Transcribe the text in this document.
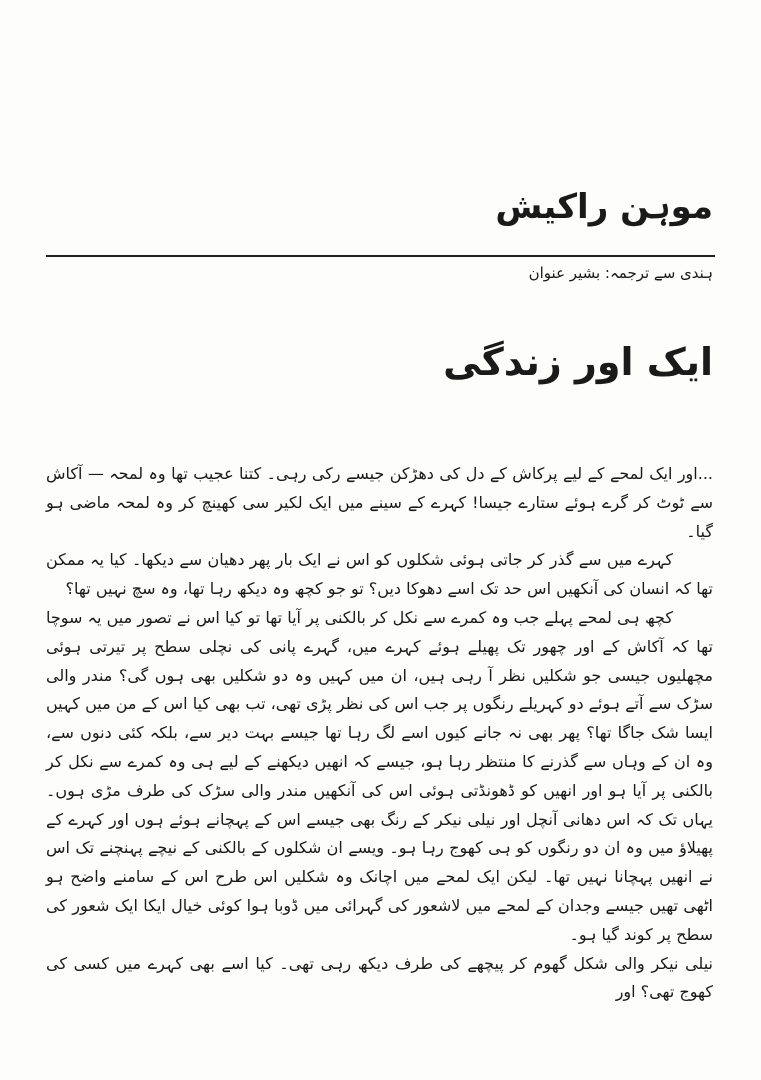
موہن راکیش
ہندی سے ترجمہ: بشیر عنوان
ایک اور زندگی

...اور ایک لمحے کے لیے پرکاش کے دل کی دھڑکن جیسے رکی رہی۔ کتنا عجیب تھا وہ لمحہ — آکاش سے ٹوٹ کر گرے ہوئے ستارے جیسا! کہرے کے سینے میں ایک لکیر سی کھینچ کر وہ لمحہ ماضی ہو گیا۔

کہرے میں سے گذر کر جاتی ہوئی شکلوں کو اس نے ایک بار پھر دھیان سے دیکھا۔ کیا یہ ممکن تھا کہ انسان کی آنکھیں اس حد تک اسے دھوکا دیں؟ تو جو کچھ وہ دیکھ رہا تھا، وہ سچ نہیں تھا؟

کچھ ہی لمحے پہلے جب وہ کمرے سے نکل کر بالکنی پر آیا تھا تو کیا اس نے تصور میں یہ سوچا تھا کہ آکاش کے اور چھور تک پھیلے ہوئے کہرے میں، گہرے پانی کی نچلی سطح پر تیرتی ہوئی مچھلیوں جیسی جو شکلیں نظر آ رہی ہیں، ان میں کہیں وہ دو شکلیں بھی ہوں گی؟ مندر والی سڑک سے آتے ہوئے دو کہریلے رنگوں پر جب اس کی نظر پڑی تھی، تب بھی کیا اس کے من میں کہیں ایسا شک جاگا تھا؟ پھر بھی نہ جانے کیوں اسے لگ رہا تھا جیسے بہت دیر سے، بلکہ کئی دنوں سے، وہ ان کے وہاں سے گذرنے کا منتظر رہا ہو، جیسے کہ انھیں دیکھنے کے لیے ہی وہ کمرے سے نکل کر بالکنی پر آیا ہو اور انھیں کو ڈھونڈتی ہوئی اس کی آنکھیں مندر والی سڑک کی طرف مڑی ہوں۔ یہاں تک کہ اس دھانی آنچل اور نیلی نیکر کے رنگ بھی جیسے اس کے پہچانے ہوئے ہوں اور کہرے کے پھیلاؤ میں وہ ان دو رنگوں کو ہی کھوج رہا ہو۔ ویسے ان شکلوں کے بالکنی کے نیچے پہنچنے تک اس نے انھیں پہچانا نہیں تھا۔ لیکن ایک لمحے میں اچانک وہ شکلیں اس طرح اس کے سامنے واضح ہو اٹھی تھیں جیسے وجدان کے لمحے میں لاشعور کی گہرائی میں ڈوبا ہوا کوئی خیال ایکا ایک شعور کی سطح پر کوند گیا ہو۔

نیلی نیکر والی شکل گھوم کر پیچھے کی طرف دیکھ رہی تھی۔ کیا اسے بھی کہرے میں کسی کی کھوج تھی؟ اور
